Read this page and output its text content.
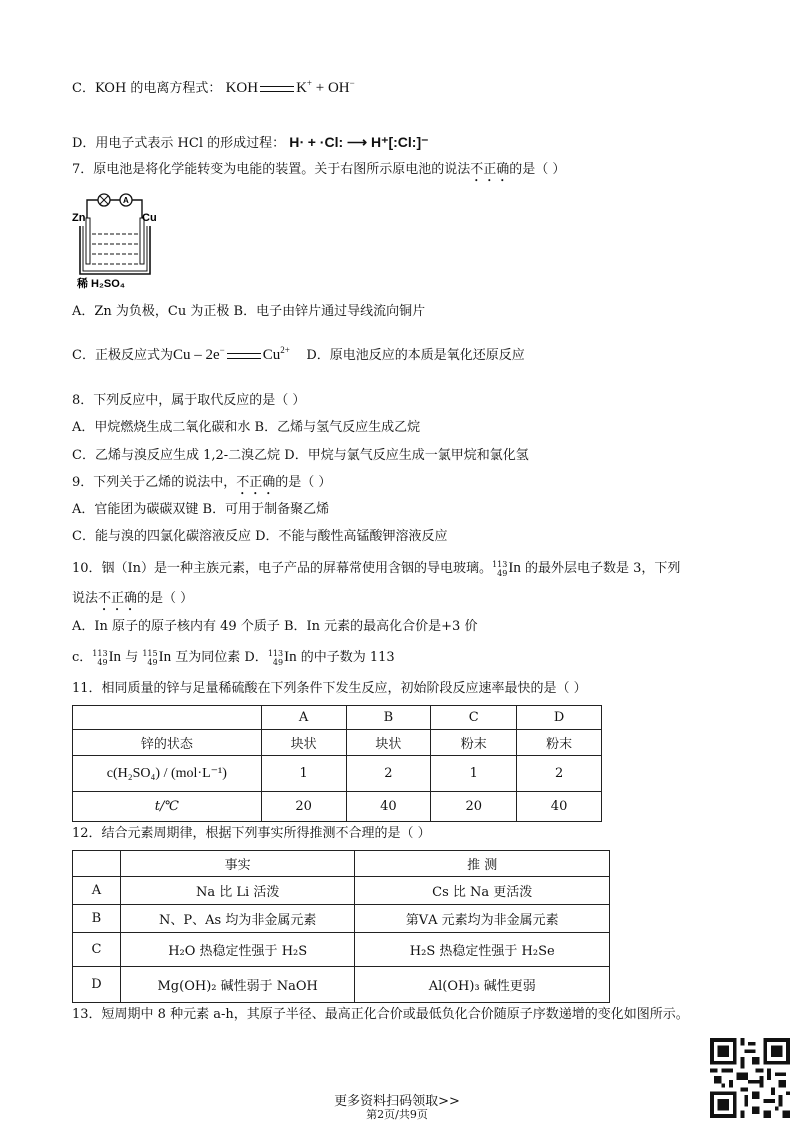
C．KOH 的电离方程式： KOH	K+ + OH−
D．用电子式表示 HCl 的形成过程： H⋅ + ·Cl: ⟶ H⁺[:Cl:]⁻
7．原电池是将化学能转变为电能的装置。关于右图所示原电池的说法不正确的是（ ）
A
Zn	Cu
稀 H₂SO₄
A．Zn 为负极，Cu 为正极 B．电子由锌片通过导线流向铜片
C．正极反应式为Cu – 2e−	$Cu^{2+}$ D．原电池反应的本质是氧化还原反应
8．下列反应中，属于取代反应的是（ ）
A．甲烷燃烧生成二氧化碳和水 B．乙烯与氢气反应生成乙烷
C．乙烯与溴反应生成 1,2-二溴乙烷 D．甲烷与氯气反应生成一氯甲烷和氯化氢
9．下列关于乙烯的说法中，不正确的是（ ）
A．官能团为碳碳双键 B．可用于制备聚乙烯
C．能与溴的四氯化碳溶液反应 D．不能与酸性高锰酸钾溶液反应
10．铟（In）是一种主族元素，电子产品的屏幕常使用含铟的导电玻璃。 113
49 In 的最外层电子数是 3，下列
说法不正确的是（ ）
A．In 原子的原子核内有 49 个质子 B．In 元素的最高化合价是+3 价
c． 113
49 In 与 115
49 In 互为同位素 D． 113
49 In 的中子数为 113
11．相同质量的锌与足量稀硫酸在下列条件下发生反应，初始阶段反应速率最快的是（ ）
	A	B	C	D
锌的状态	块状	块状	粉末	粉末
c(H₂SO₄) / (mol·L⁻¹)	1	2	1	2
t/℃	20	40	20	40
12．结合元素周期律，根据下列事实所得推测不合理的是（ ）
	事实	推 测
A	Na 比 Li 活泼	Cs 比 Na 更活泼
B	N、P、As 均为非金属元素	第ⅤA 元素均为非金属元素
C	H₂O 热稳定性强于 H₂S	H₂S 热稳定性强于 H₂Se
D	Mg(OH)₂ 碱性弱于 NaOH	Al(OH)₃ 碱性更弱
13．短周期中 8 种元素 a-h，其原子半径、最高正化合价或最低负化合价随原子序数递增的变化如图所示。
更多资料扫码领取>>
第2页/共9页
